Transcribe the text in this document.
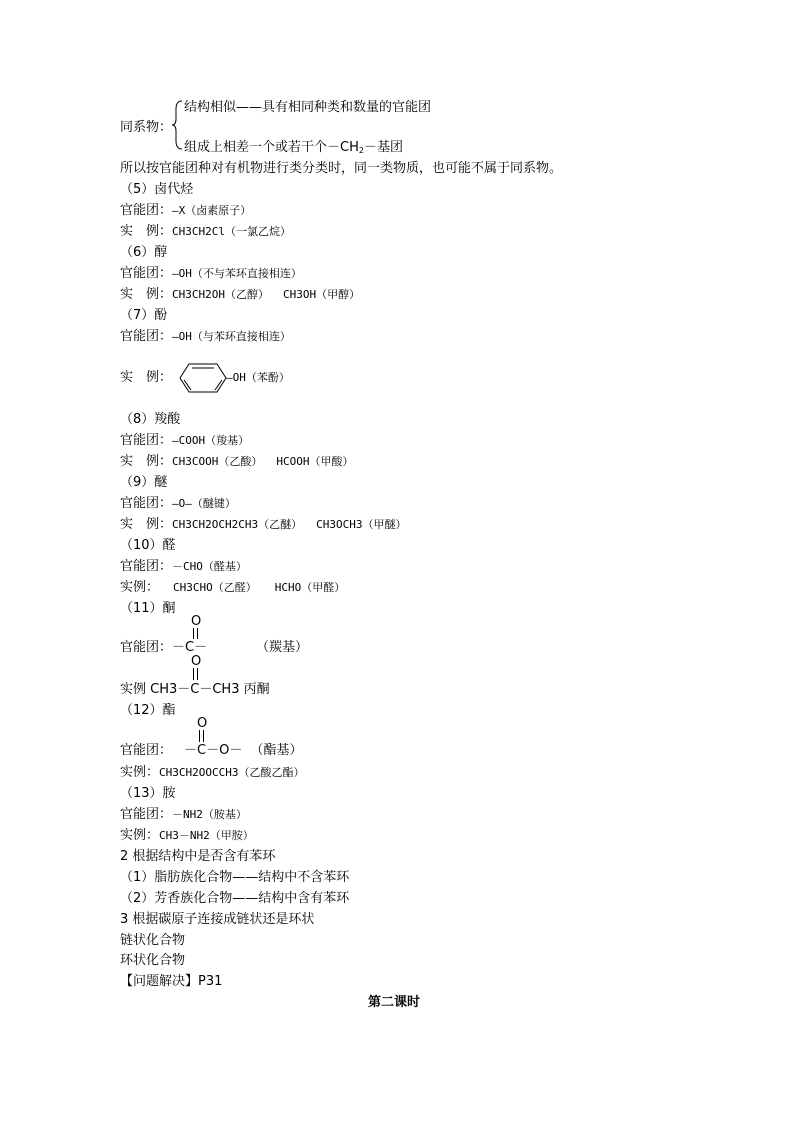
同系物：
结构相似——具有相同种类和数量的官能团
组成上相差一个或若干个$-CH_2-$基团
所以按官能团种对有机物进行类分类时，同一类物质，也可能不属于同系物。
（5）卤代烃
官能团：—X（卤素原子）
实　例：CH3CH2Cl（一氯乙烷）
（6）醇
官能团：—OH（不与苯环直接相连）
实　例：CH3CH2OH（乙醇） CH3OH（甲醇）
（7）酚
官能团：—OH（与苯环直接相连）
实　例：	—OH（苯酚）
（8）羧酸
官能团：—COOH（羧基）
实　例：CH3COOH（乙酸） HCOOH（甲酸）
（9）醚
官能团：—O—（醚键）
实　例：CH3CH2OCH2CH3（乙醚） CH3OCH3（甲醚）
（10）醛
官能团：－CHO（醛基）
实例： CH3CHO（乙醛） HCHO（甲醛）
（11）酮
O
官能团：－C－	（羰基）
O
实例 CH3－C－CH3 丙酮
（12）酯
O
官能团： －C－O－ （酯基）
实例：CH3CH2OOCCH3（乙酸乙酯）
（13）胺
官能团：－NH2（胺基）
实例：CH3－NH2（甲胺）
2 根据结构中是否含有苯环
（1）脂肪族化合物——结构中不含苯环
（2）芳香族化合物——结构中含有苯环
3 根据碳原子连接成链状还是环状
链状化合物
环状化合物
【问题解决】P31
第二课时
